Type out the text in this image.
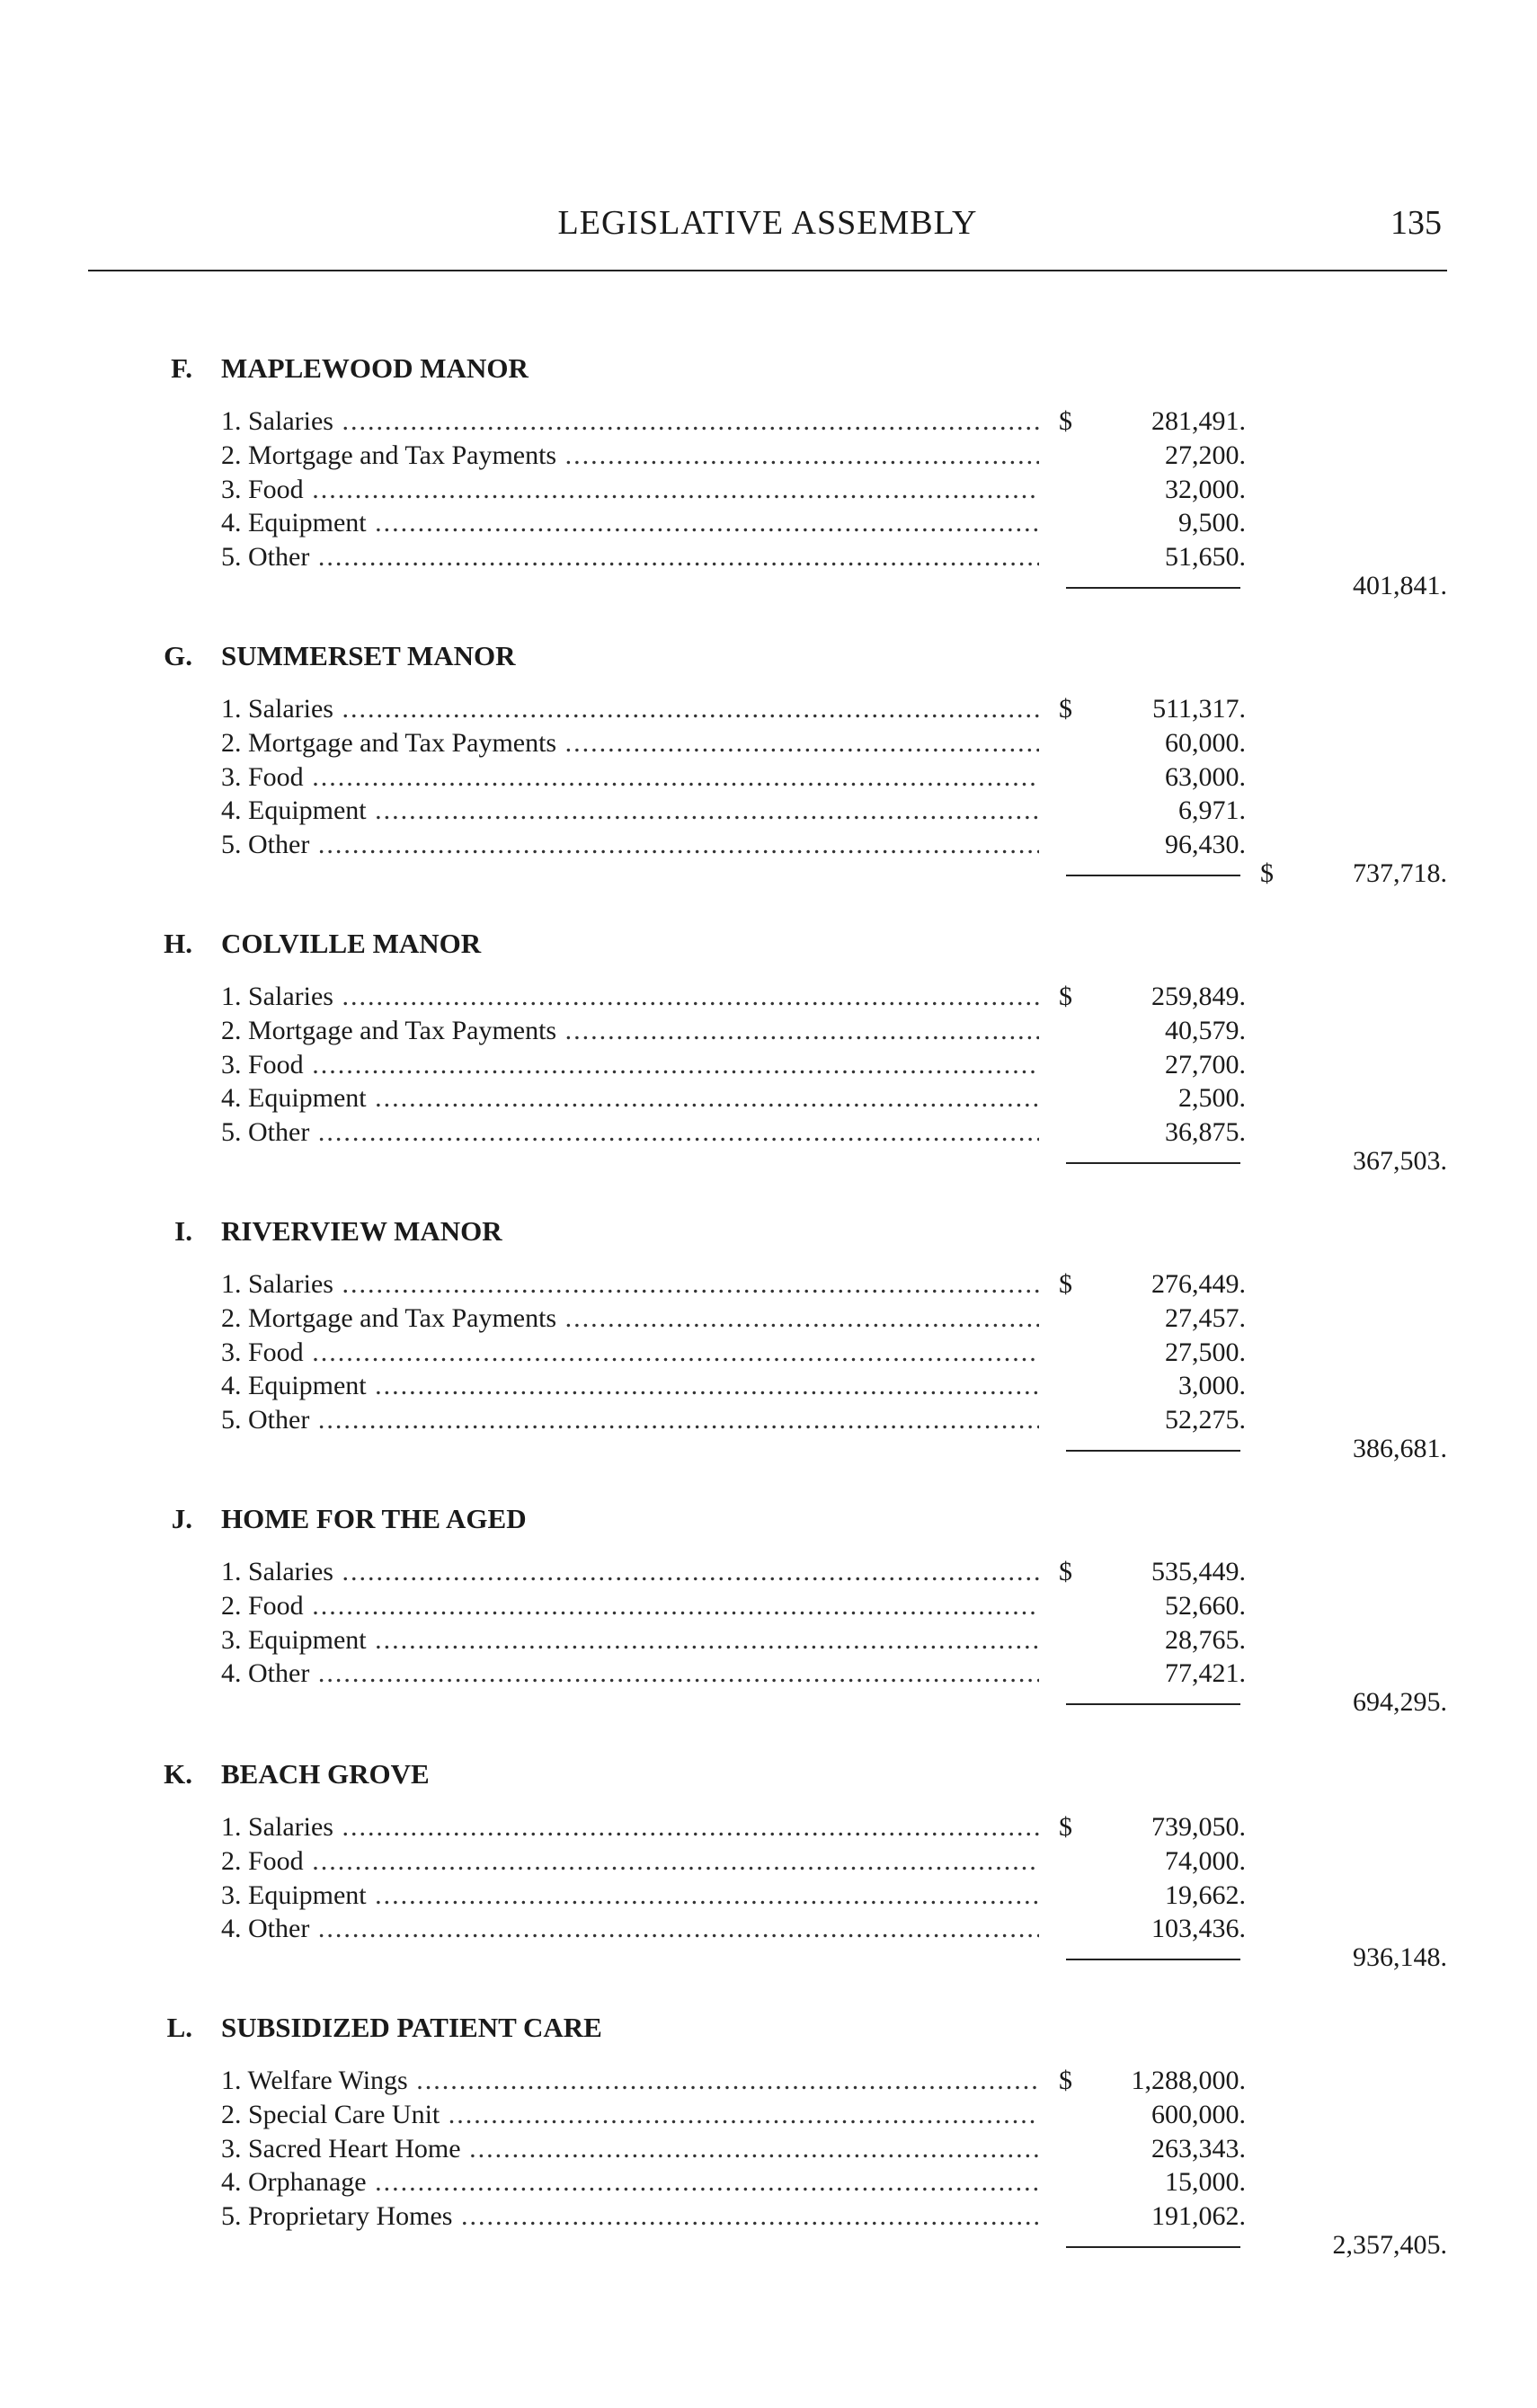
LEGISLATIVE ASSEMBLY	135
F. MAPLEWOOD MANOR
1. Salaries .....	$	281,491.
2. Mortgage and Tax Payments .....	27,200.
3. Food .....	32,000.
4. Equipment .....	9,500.
5. Other .....	51,650.
401,841.
G. SUMMERSET MANOR
1. Salaries .....	$	511,317.
2. Mortgage and Tax Payments .....	60,000.
3. Food .....	63,000.
4. Equipment .....	6,971.
5. Other .....	96,430.
$	737,718.
H. COLVILLE MANOR
1. Salaries .....	$	259,849.
2. Mortgage and Tax Payments .....	40,579.
3. Food .....	27,700.
4. Equipment .....	2,500.
5. Other .....	36,875.
367,503.
I. RIVERVIEW MANOR
1. Salaries .....	$	276,449.
2. Mortgage and Tax Payments .....	27,457.
3. Food .....	27,500.
4. Equipment .....	3,000.
5. Other .....	52,275.
386,681.
J. HOME FOR THE AGED
1. Salaries .....	$	535,449.
2. Food .....	52,660.
3. Equipment .....	28,765.
4. Other .....	77,421.
694,295.
K. BEACH GROVE
1. Salaries .....	$	739,050.
2. Food .....	74,000.
3. Equipment .....	19,662.
4. Other .....	103,436.
936,148.
L. SUBSIDIZED PATIENT CARE
1. Welfare Wings .....	$	1,288,000.
2. Special Care Unit .....	600,000.
3. Sacred Heart Home .....	263,343.
4. Orphanage .....	15,000.
5. Proprietary Homes .....	191,062.
2,357,405.
